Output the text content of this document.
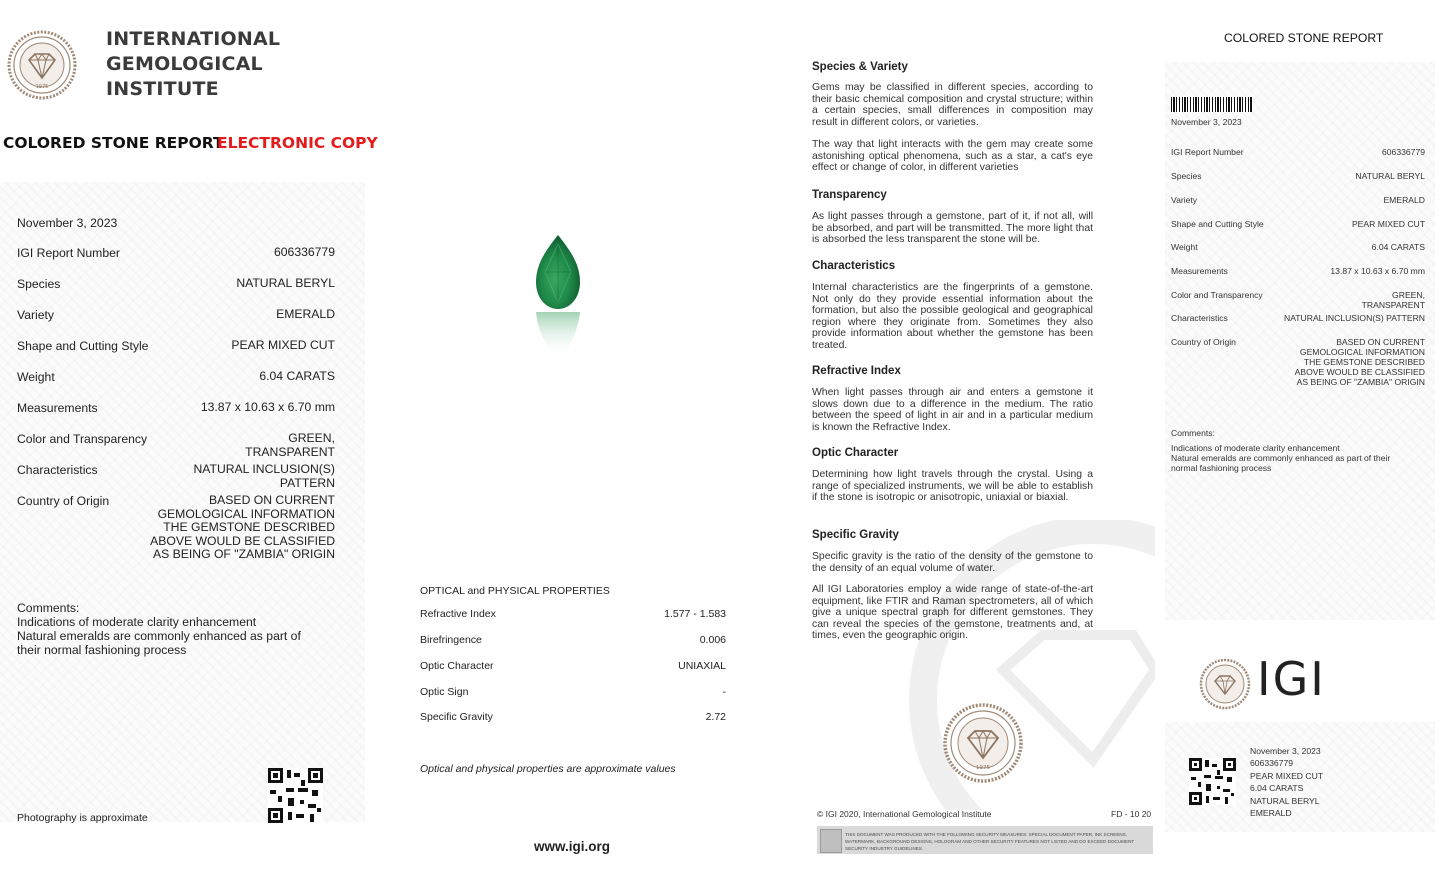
1975
INTERNATIONAL
GEMOLOGICAL
INSTITUTE
COLORED STONE REPORT
ELECTRONIC COPY
November 3, 2023
IGI Report Number	606336779
Species	NATURAL BERYL
Variety	EMERALD
Shape and Cutting Style	PEAR MIXED CUT
Weight	6.04 CARATS
Measurements	13.87 x 10.63 x 6.70 mm
Color and Transparency	GREEN,
TRANSPARENT
Characteristics	NATURAL INCLUSION(S)
PATTERN
Country of Origin	BASED ON CURRENT
GEMOLOGICAL INFORMATION
THE GEMSTONE DESCRIBED
ABOVE WOULD BE CLASSIFIED
AS BEING OF "ZAMBIA" ORIGIN
Comments:
Indications of moderate clarity enhancement
Natural emeralds are commonly enhanced as part of
their normal fashioning process
Photography is approximate
OPTICAL and PHYSICAL PROPERTIES
Refractive Index	1.577 - 1.583
Birefringence	0.006
Optic Character	UNIAXIAL
Optic Sign	-
Specific Gravity	2.72
Optical and physical properties are approximate values
www.igi.org
Species & Variety
Gems may be classified in different species, according to their basic chemical composition and crystal structure; within a certain species, small differences in composition may result in different colors, or varieties.
The way that light interacts with the gem may create some astonishing optical phenomena, such as a star, a cat's eye effect or change of color, in different varieties
Transparency
As light passes through a gemstone, part of it, if not all, will be absorbed, and part will be transmitted. The more light that is absorbed the less transparent the stone will be.
Characteristics
Internal characteristics are the fingerprints of a gemstone. Not only do they provide essential information about the formation, but also the possible geological and geographical region where they originate from. Sometimes they also provide information about whether the gemstone has been treated.
Refractive Index
When light passes through air and enters a gemstone it slows down due to a difference in the medium. The ratio between the speed of light in air and in a particular medium is known the Refractive Index.
Optic Character
Determining how light travels through the crystal. Using a range of specialized instruments, we will be able to establish if the stone is isotropic or anisotropic, uniaxial or biaxial.
Specific Gravity
Specific gravity is the ratio of the density of the gemstone to the density of an equal volume of water.
All IGI Laboratories employ a wide range of state-of-the-art equipment, like FTIR and Raman spectrometers, all of which give a unique spectral graph for different gemstones. They can reveal the species of the gemstone, treatments and, at times, even the geographic origin.
1975
© IGI 2020, International Gemological Institute	FD - 10 20
THIS DOCUMENT WAS PRODUCED WITH THE FOLLOWING SECURITY MEASURES: SPECIAL DOCUMENT PAPER, INK SCREENS, WATERMARK, BACKGROUND DESIGNS, HOLOGRAM AND OTHER SECURITY FEATURES NOT LISTED AND DO EXCEED DOCUMENT SECURITY INDUSTRY GUIDELINES.
COLORED STONE REPORT
November 3, 2023
IGI Report Number	606336779
Species	NATURAL BERYL
Variety	EMERALD
Shape and Cutting Style	PEAR MIXED CUT
Weight	6.04 CARATS
Measurements	13.87 x 10.63 x 6.70 mm
Color and Transparency	GREEN,
TRANSPARENT
Characteristics	NATURAL INCLUSION(S) PATTERN
Country of Origin	BASED ON CURRENT
GEMOLOGICAL INFORMATION
THE GEMSTONE DESCRIBED
ABOVE WOULD BE CLASSIFIED
AS BEING OF "ZAMBIA" ORIGIN
Comments:
Indications of moderate clarity enhancement
Natural emeralds are commonly enhanced as part of their
normal fashioning process
IGI
November 3, 2023
606336779
PEAR MIXED CUT
6.04 CARATS
NATURAL BERYL
EMERALD
